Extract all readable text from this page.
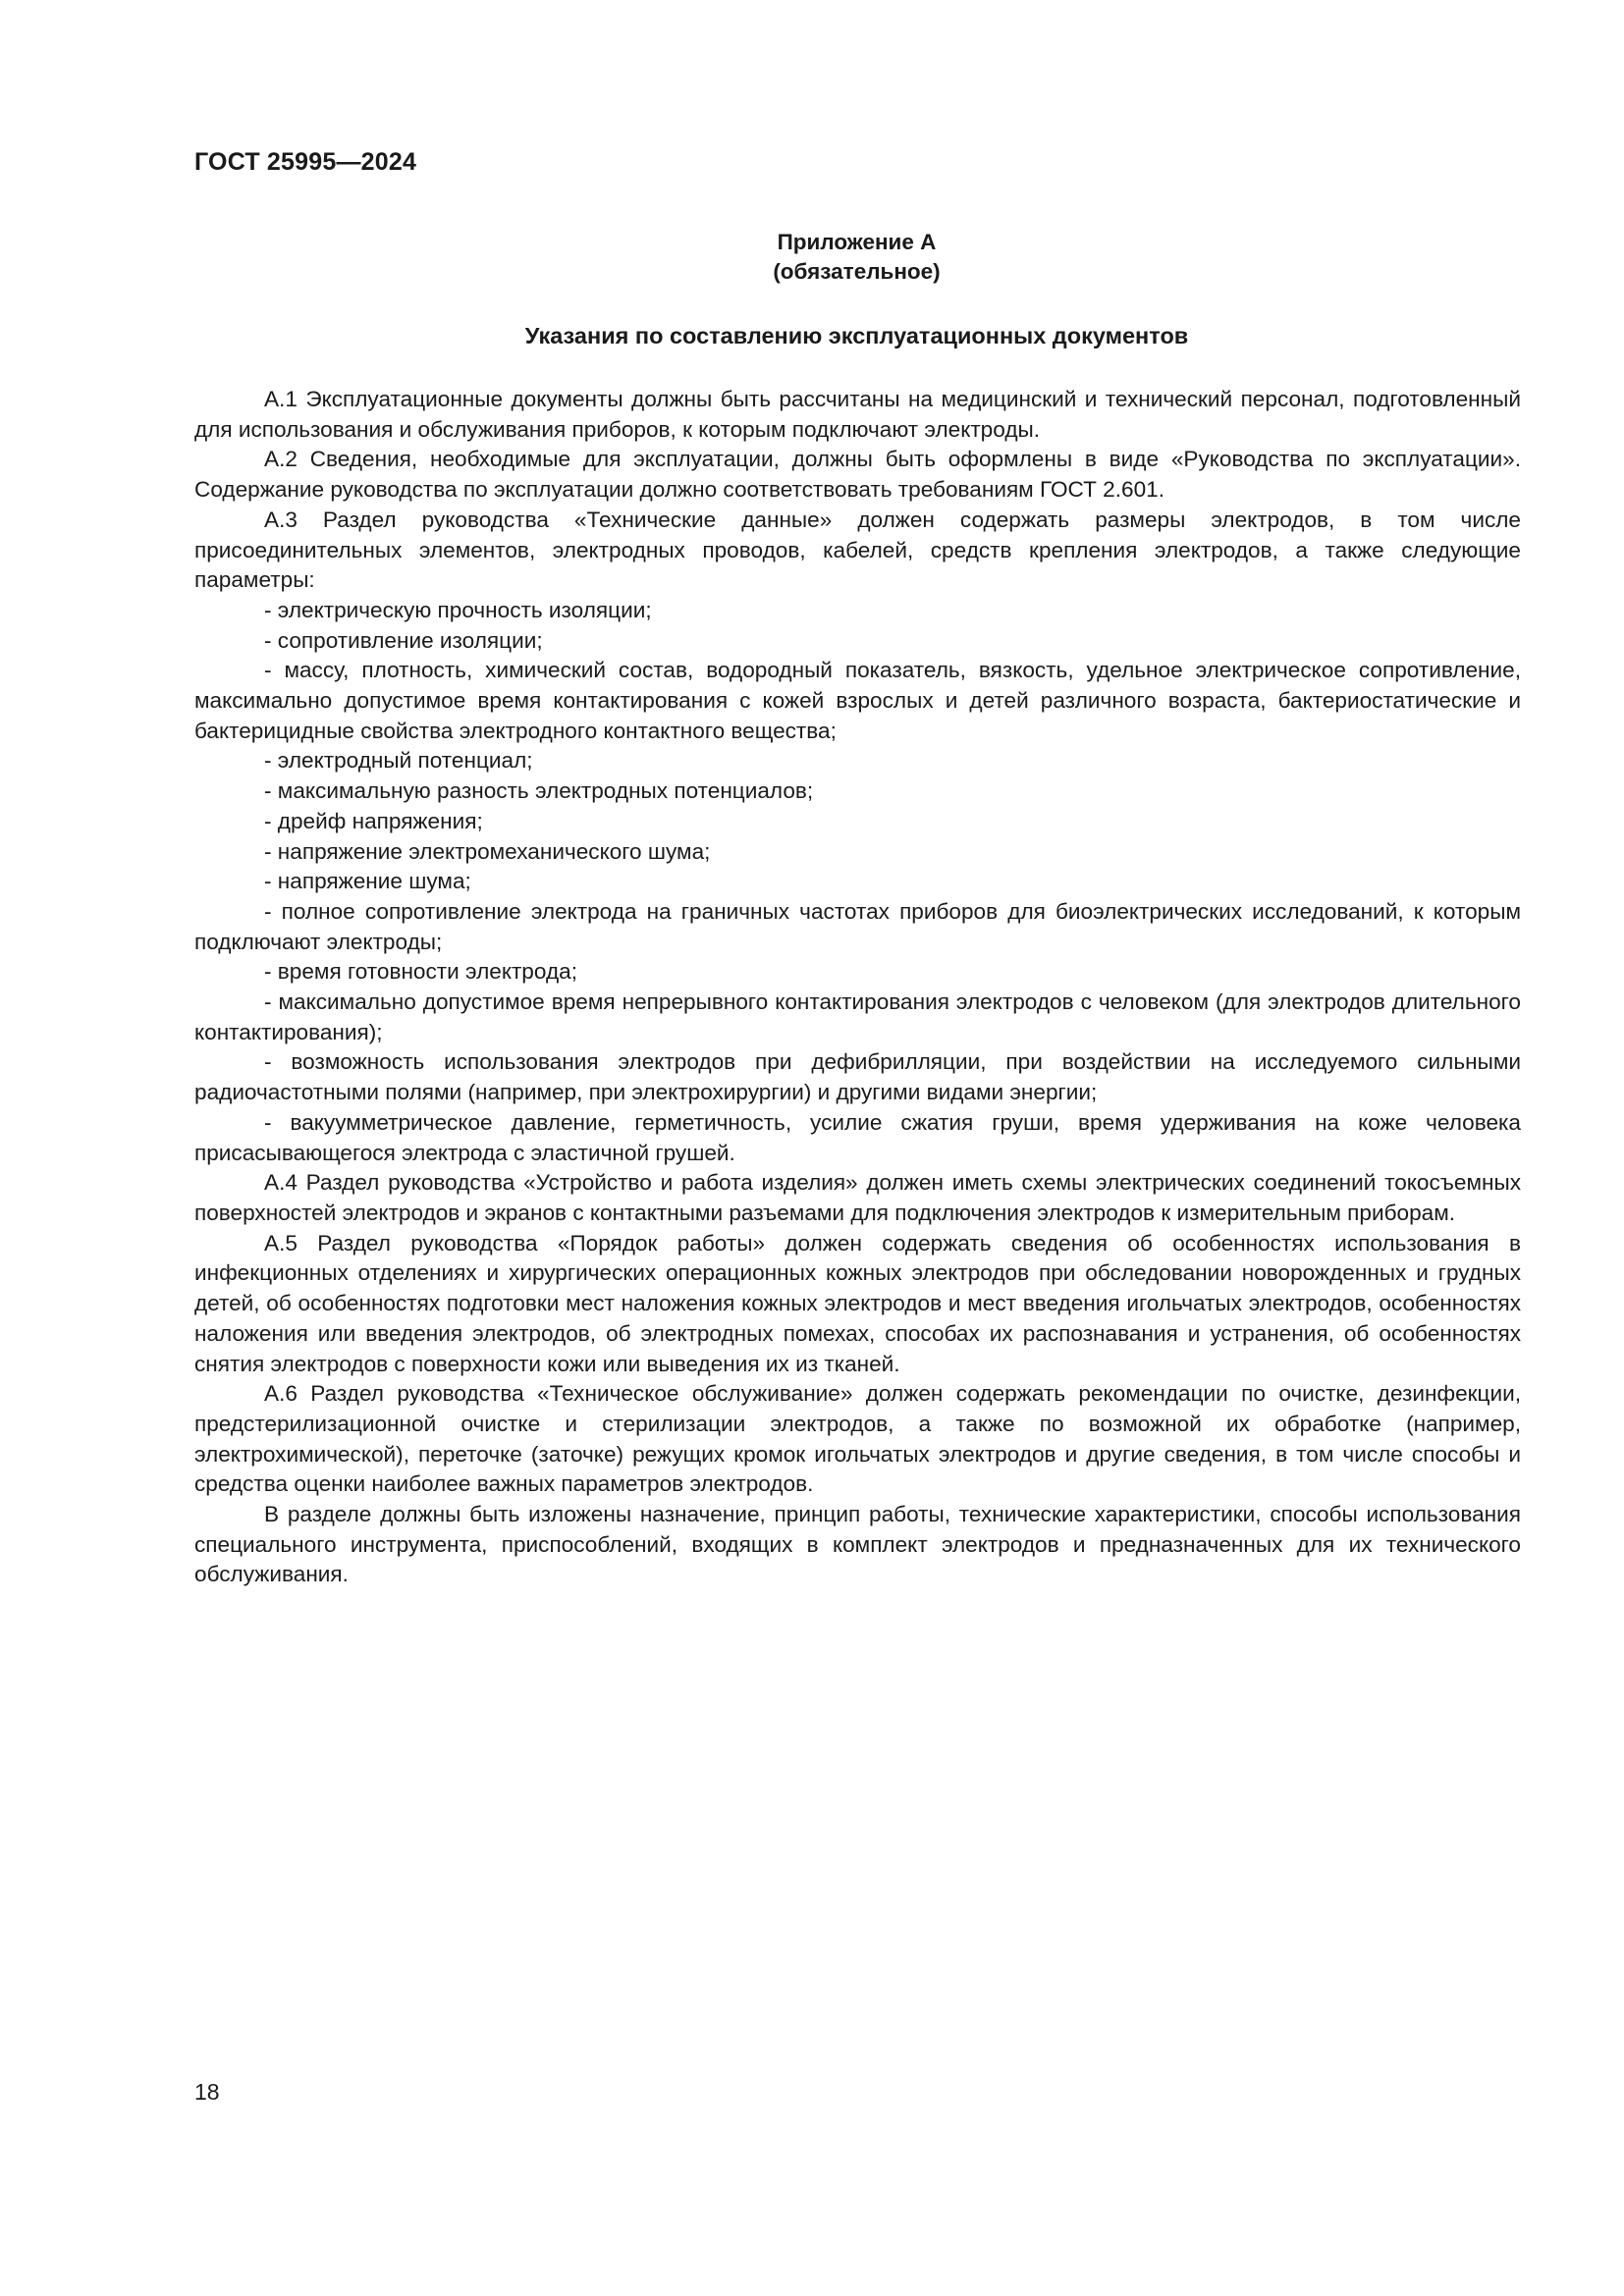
ГОСТ 25995—2024
Приложение А
(обязательное)
Указания по составлению эксплуатационных документов

А.1 Эксплуатационные документы должны быть рассчитаны на медицинский и технический персонал, подготовленный для использования и обслуживания приборов, к которым подключают электроды.

А.2 Сведения, необходимые для эксплуатации, должны быть оформлены в виде «Руководства по эксплуатации». Содержание руководства по эксплуатации должно соответствовать требованиям ГОСТ 2.601.

А.3 Раздел руководства «Технические данные» должен содержать размеры электродов, в том числе присоединительных элементов, электродных проводов, кабелей, средств крепления электродов, а также следующие параметры:

- электрическую прочность изоляции;

- сопротивление изоляции;

- массу, плотность, химический состав, водородный показатель, вязкость, удельное электрическое сопротивление, максимально допустимое время контактирования с кожей взрослых и детей различного возраста, бактериостатические и бактерицидные свойства электродного контактного вещества;

- электродный потенциал;

- максимальную разность электродных потенциалов;

- дрейф напряжения;

- напряжение электромеханического шума;

- напряжение шума;

- полное сопротивление электрода на граничных частотах приборов для биоэлектрических исследований, к которым подключают электроды;

- время готовности электрода;

- максимально допустимое время непрерывного контактирования электродов с человеком (для электродов длительного контактирования);

- возможность использования электродов при дефибрилляции, при воздействии на исследуемого сильными радиочастотными полями (например, при электрохирургии) и другими видами энергии;

- вакуумметрическое давление, герметичность, усилие сжатия груши, время удерживания на коже человека присасывающегося электрода с эластичной грушей.

А.4 Раздел руководства «Устройство и работа изделия» должен иметь схемы электрических соединений токосъемных поверхностей электродов и экранов с контактными разъемами для подключения электродов к измерительным приборам.

А.5 Раздел руководства «Порядок работы» должен содержать сведения об особенностях использования в инфекционных отделениях и хирургических операционных кожных электродов при обследовании новорожденных и грудных детей, об особенностях подготовки мест наложения кожных электродов и мест введения игольчатых электродов, особенностях наложения или введения электродов, об электродных помехах, способах их распознавания и устранения, об особенностях снятия электродов с поверхности кожи или выведения их из тканей.

А.6 Раздел руководства «Техническое обслуживание» должен содержать рекомендации по очистке, дезинфекции, предстерилизационной очистке и стерилизации электродов, а также по возможной их обработке (например, электрохимической), переточке (заточке) режущих кромок игольчатых электродов и другие сведения, в том числе способы и средства оценки наиболее важных параметров электродов.

В разделе должны быть изложены назначение, принцип работы, технические характеристики, способы использования специального инструмента, приспособлений, входящих в комплект электродов и предназначенных для их технического обслуживания.

18
